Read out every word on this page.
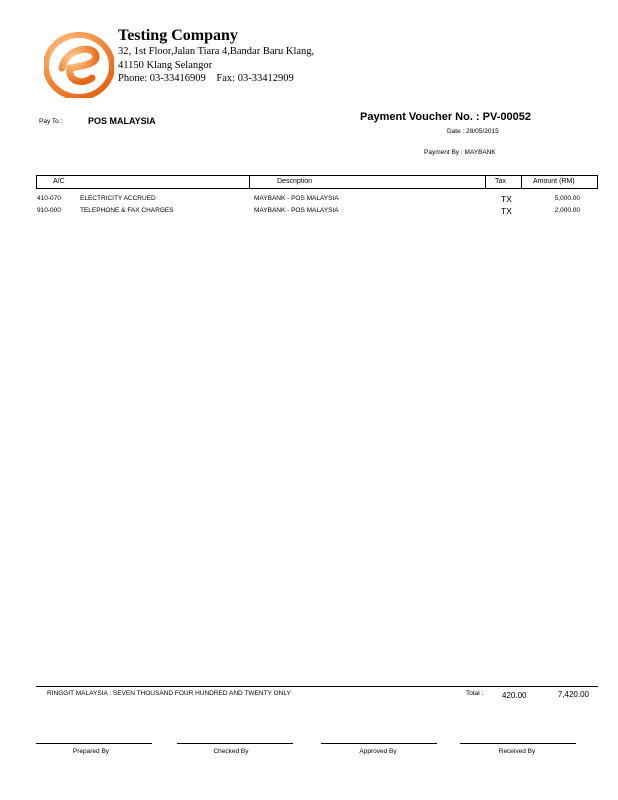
Testing Company
32, 1st Floor,Jalan Tiara 4,Bandar Baru Klang,
41150 Klang Selangor
Phone: 03-33416909 Fax: 03-33412909
Pay To :	POS MALAYSIA	Payment Voucher No. : PV-00052
Date : 28/05/2015
Payment By : MAYBANK
A/C	Description	Tax	Amount (RM)
410-070	ELECTRICITY ACCRUED	MAYBANK - POS MALAYSIA	TX	5,000.00
910-000	TELEPHONE & FAX CHARGES	MAYBANK - POS MALAYSIA	TX	2,000.00
RINGGIT MALAYSIA : SEVEN THOUSAND FOUR HUNDRED AND TWENTY ONLY	Total : 420.00	7,420.00
Prepared By	Checked By	Approved By	Received By
